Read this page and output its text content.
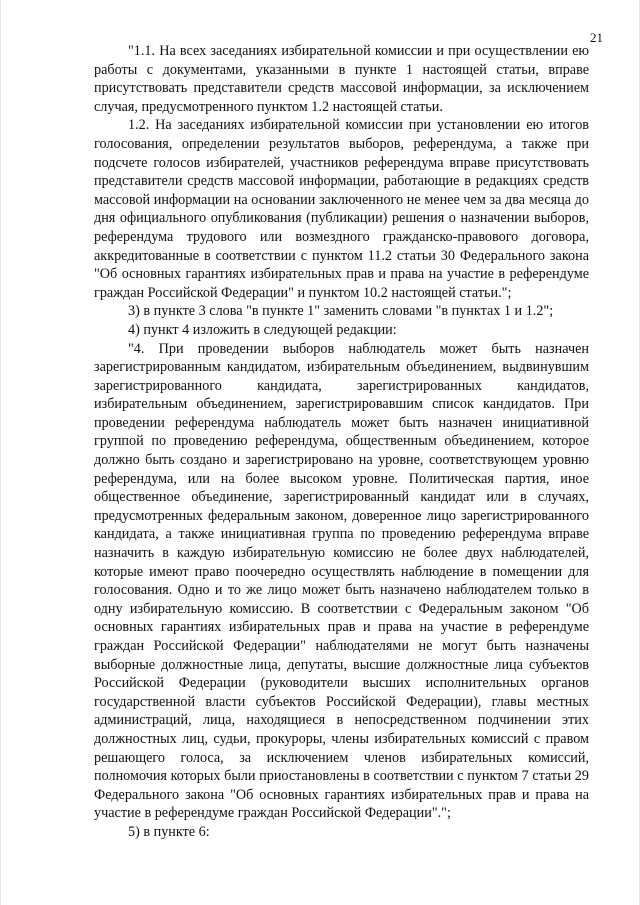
21

"1.1. На всех заседаниях избирательной комиссии и при осуществлении ею работы с документами, указанными в пункте 1 настоящей статьи, вправе присутствовать представители средств массовой информации, за исключением случая, предусмотренного пунктом 1.2 настоящей статьи.

1.2. На заседаниях избирательной комиссии при установлении ею итогов голосования, определении результатов выборов, референдума, а также при подсчете голосов избирателей, участников референдума вправе присутствовать представители средств массовой информации, работающие в редакциях средств массовой информации на основании заключенного не менее чем за два месяца до дня официального опубликования (публикации) решения о назначении выборов, референдума трудового или возмездного гражданско-правового договора, аккредитованные в соответствии с пунктом 11.2 статьи 30 Федерального закона "Об основных гарантиях избирательных прав и права на участие в референдуме граждан Российской Федерации" и пунктом 10.2 настоящей статьи.";

3) в пункте 3 слова "в пункте 1" заменить словами "в пунктах 1 и 1.2";

4) пункт 4 изложить в следующей редакции:

"4. При проведении выборов наблюдатель может быть назначен зарегистрированным кандидатом, избирательным объединением, выдвинувшим зарегистрированного кандидата, зарегистрированных кандидатов, избирательным объединением, зарегистрировавшим список кандидатов. При проведении референдума наблюдатель может быть назначен инициативной группой по проведению референдума, общественным объединением, которое должно быть создано и зарегистрировано на уровне, соответствующем уровню референдума, или на более высоком уровне. Политическая партия, иное общественное объединение, зарегистрированный кандидат или в случаях, предусмотренных федеральным законом, доверенное лицо зарегистрированного кандидата, а также инициативная группа по проведению референдума вправе назначить в каждую избирательную комиссию не более двух наблюдателей, которые имеют право поочередно осуществлять наблюдение в помещении для голосования. Одно и то же лицо может быть назначено наблюдателем только в одну избирательную комиссию. В соответствии с Федеральным законом "Об основных гарантиях избирательных прав и права на участие в референдуме граждан Российской Федерации" наблюдателями не могут быть назначены выборные должностные лица, депутаты, высшие должностные лица субъектов Российской Федерации (руководители высших исполнительных органов государственной власти субъектов Российской Федерации), главы местных администраций, лица, находящиеся в непосредственном подчинении этих должностных лиц, судьи, прокуроры, члены избирательных комиссий с правом решающего голоса, за исключением членов избирательных комиссий, полномочия которых были приостановлены в соответствии с пунктом 7 статьи 29 Федерального закона "Об основных гарантиях избирательных прав и права на участие в референдуме граждан Российской Федерации".";

5) в пункте 6:
